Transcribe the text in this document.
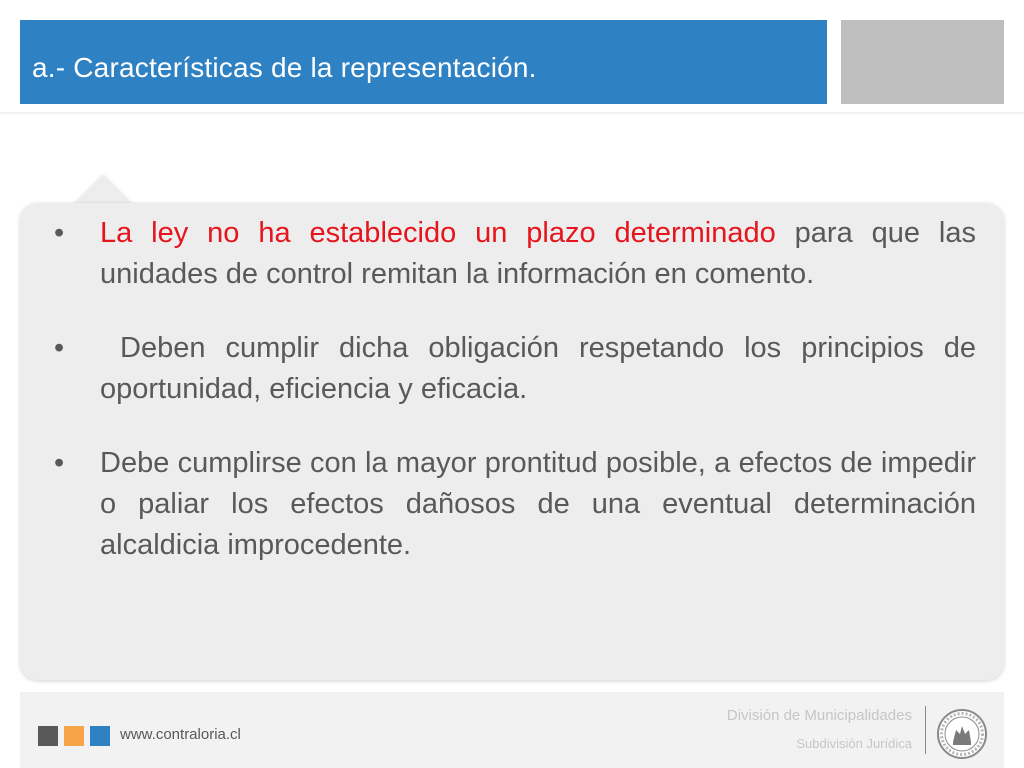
a.- Características de la representación.
•	La ley no ha establecido un plazo determinado para que las unidades de control remitan la información en comento.
•	Deben cumplir dicha obligación respetando los principios de oportunidad, eficiencia y eficacia.
•	Debe cumplirse con la mayor prontitud posible, a efectos de impedir o paliar los efectos dañosos de una eventual determinación alcaldicia improcedente.
www.contraloria.cl
División de Municipalidades
Subdivisión Jurídica
